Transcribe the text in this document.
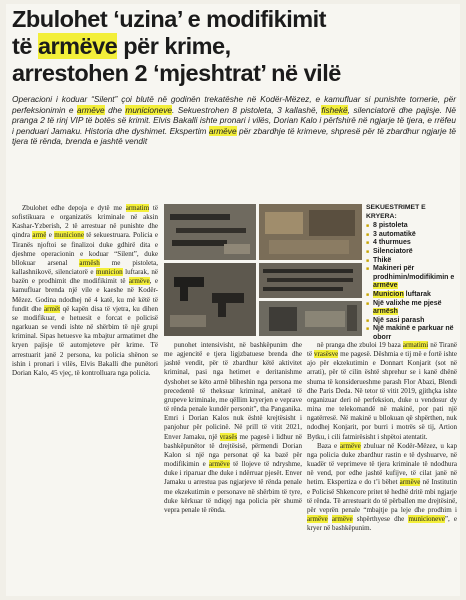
Zbulohet ‘uzina’ e modifikimit
të armëve për krime,
arrestohen 2 ‘mjeshtrat’ në vilë
Operacioni i koduar “Silent” çoi blutë në godinën trekatëshe në Kodër-Mëzez, e kamufluar si punishte tornerie, për perfeksionimin e armëve dhe municioneve. Sekuestrohen 8 pistoleta, 3 kallashë, fishekë, silenciatorë dhe pajisje. Në pranga 2 të rinj VIP të botës së krimit. Elvis Bakalli ishte pronari i vilës, Dorian Kalo i përfshirë në ngjarje të tjera, e rrëfeu i penduari Jamaku. Historia dhe dyshimet. Ekspertim armëve për zbardhje të krimeve, shpresë për të zbardhur ngjarje të tjera të rënda, brenda e jashtë vendit

Zbulohet edhe depoja e dytë me armatim të sofistikuara e organizatës kriminale në aksin Kashar-Yzberish, 2 të arrestuar në punishte dhe qindra armë e municione të sekuestruara. Policia e Tiranës njoftoi se finalizoi duke gdhirë dita e djeshme operacionin e koduar “Silent”, duke bllokuar arsenal armësh me pistoleta, kallashnikovë, silenciatorë e municion luftarak, në bazën e prodhimit dhe modifikimit të armëve, e kamufluar brenda një vile e kaeshe në Kodër-Mëzez. Godina ndodhej në 4 katë, ku më këtë të fundit dhe armët që kapën disa të vjetra, ku dihen se modifikuar, e hetuesit e forcat e policisë ngarkuan se vendi ishte në shërbim të një grupi kriminal. Sipas hetuesve ka mbajtur armatimet dhe kryen pajisje të automjeteve për krime. Të arrestuarit janë 2 persona, ku policia shënon se ishin i pronari i vilës, Elvis Bakalli dhe punëtori Dorian Kalo, 45 vjeç, të kontrolluara nga policia.

SEKUESTRIMET E KRYERA:
■ 8 pistoleta
■ 3 automatikë
■ 4 thurmues
■ Silenciatorë
■ Thikë
■ Makineri për prodhimin/modifikimin e armëve
■ Municion luftarak
■ Një valixhe me pjesë armësh
■ Një sasi parash
■ Një makinë e parkuar në oborr

punohet intensivisht, në bashkëpunim dhe me agjencitë e tjera ligjzbatuese brenda dhe jashtë vendit, për të zbardhur këtë aktivitet kriminal, pasi nga hetimet e deritanishme dyshohet se këto armë bliheshin nga persona me precedentë të theksuar kriminal, anëtarë të grupeve kriminale, me qëllim kryerjen e veprave të rënda penale kundër personit”, tha Panganika. Emri i Dorian Kalos nuk është krejtësisht i panjohur për policinë. Në prill të vitit 2021, Enver Jamaku, një vrasës me pagesë i lidhur në bashkëpunëtor të drejtësisë, përmendi Dorian Kalon si një nga personat që ka bazë për modifikimin e armëve të llojeve të ndryshme, duke i riparuar dhe duke i ndërruar pjesët. Enver Jamaku u arrestua pas ngjarjeve të rënda penale me ekzekutimin e personave në shërbim të tyre, duke kërkuar të ndiqej nga policia për shumë vepra penale të rënda.

në pranga dhe zbuloi 19 baza armatimi në Tiranë të vrasësve me pagesë. Dëshmia e tij më e fortë ishte ajo për ekzekutimin e Donnart Konjarit (sot në arrati), për të cilin është shprehur se i kanë dhënë shuma të konsiderueshme parash Flor Abazi, Blendi dhe Paris Deda. Në tetor të vitit 2019, gjithçka ishte organizuar deri në perfeksion, duke u vendosur dy mina me telekomandë në makinë, por pati një ngatërresë. Në makinë u bllokuan që shpërthen, nuk ndodhej Konjarit, por burri i motrës së tij, Artion Bytku, i cili fatmirësisht i shpëtoi atentatit.

Baza e armëve zbuluar në Kodër-Mëzez, u kap nga policia duke zbardhur rastin e të dyshuarve, në kuadër të veprimeve të tjera kriminale të ndodhura në vend, por edhe jashtë kufijve, të cilat janë në hetim. Ekspertiza e do t’i bëhet armëve në Institutin e Policisë Shkencore pritet të hedhë dritë mbi ngjarje të rënda. Të arrestuarit do të përballen me drejtësinë, për veprën penale “mbajtje pa leje dhe prodhim i armëve armëve shpërthyese dhe municioneve”, e kryer në bashkëpunim.
